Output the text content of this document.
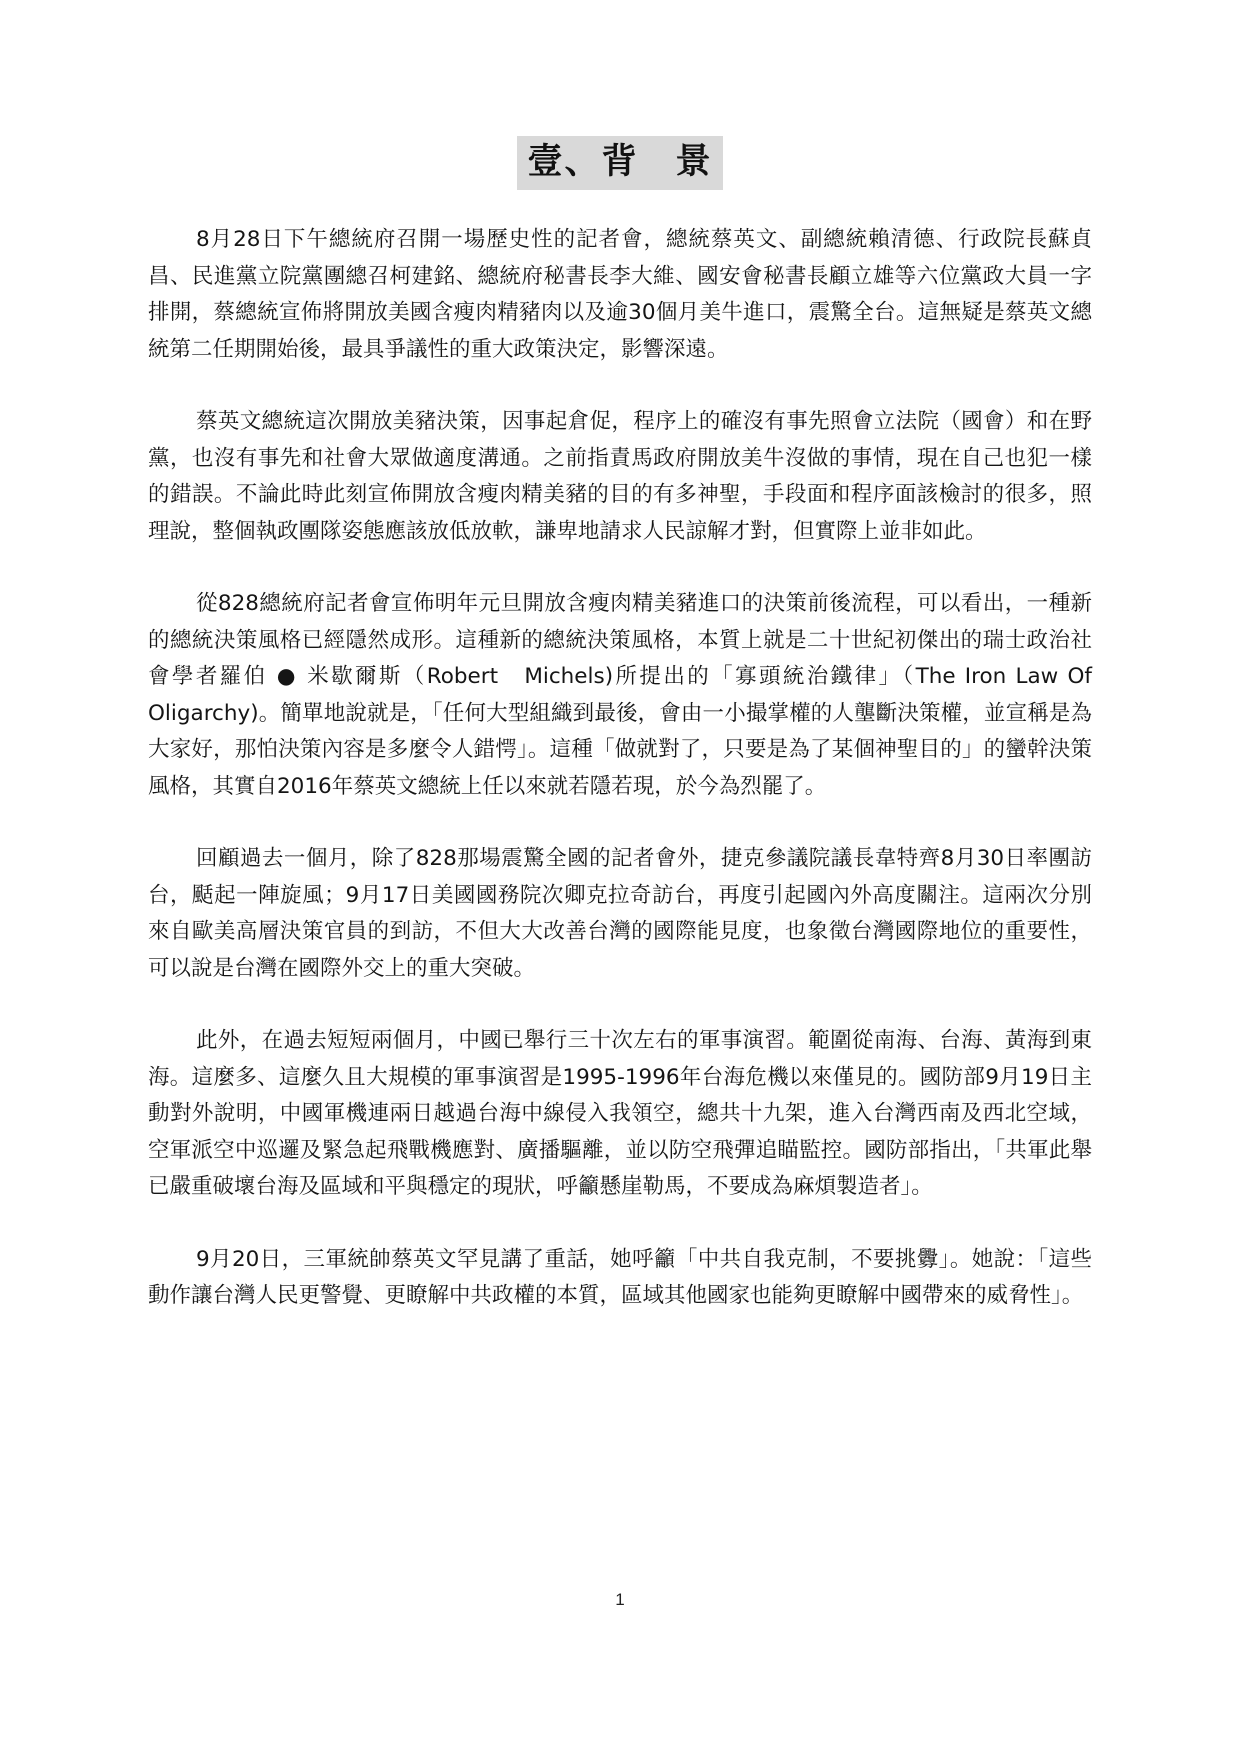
壹、背　景

8月28日下午總統府召開一場歷史性的記者會，總統蔡英文、副總統賴清德、行政院長蘇貞昌、民進黨立院黨團總召柯建銘、總統府秘書長李大維、國安會秘書長顧立雄等六位黨政大員一字排開，蔡總統宣佈將開放美國含瘦肉精豬肉以及逾30個月美牛進口，震驚全台。這無疑是蔡英文總統第二任期開始後，最具爭議性的重大政策決定，影響深遠。

蔡英文總統這次開放美豬決策，因事起倉促，程序上的確沒有事先照會立法院（國會）和在野黨，也沒有事先和社會大眾做適度溝通。之前指責馬政府開放美牛沒做的事情，現在自己也犯一樣的錯誤。不論此時此刻宣佈開放含瘦肉精美豬的目的有多神聖，手段面和程序面該檢討的很多，照理說，整個執政團隊姿態應該放低放軟，謙卑地請求人民諒解才對，但實際上並非如此。

從828總統府記者會宣佈明年元旦開放含瘦肉精美豬進口的決策前後流程，可以看出，一種新的總統決策風格已經隱然成形。這種新的總統決策風格，本質上就是二十世紀初傑出的瑞士政治社會學者羅伯 ● 米歇爾斯（Robert　Michels)所提出的「寡頭統治鐵律」（The Iron Law Of Oligarchy)。簡單地說就是，「任何大型組織到最後，會由一小撮掌權的人壟斷決策權，並宣稱是為大家好，那怕決策內容是多麼令人錯愕」。這種「做就對了，只要是為了某個神聖目的」的蠻幹決策風格，其實自2016年蔡英文總統上任以來就若隱若現，於今為烈罷了。

回顧過去一個月，除了828那場震驚全國的記者會外，捷克參議院議長韋特齊8月30日率團訪台，颳起一陣旋風；9月17日美國國務院次卿克拉奇訪台，再度引起國內外高度關注。這兩次分別來自歐美高層決策官員的到訪，不但大大改善台灣的國際能見度，也象徵台灣國際地位的重要性，可以說是台灣在國際外交上的重大突破。

此外，在過去短短兩個月，中國已舉行三十次左右的軍事演習。範圍從南海、台海、黃海到東海。這麼多、這麼久且大規模的軍事演習是1995-1996年台海危機以來僅見的。國防部9月19日主動對外說明，中國軍機連兩日越過台海中線侵入我領空，總共十九架，進入台灣西南及西北空域，空軍派空中巡邏及緊急起飛戰機應對、廣播驅離，並以防空飛彈追瞄監控。國防部指出，「共軍此舉已嚴重破壞台海及區域和平與穩定的現狀，呼籲懸崖勒馬，不要成為麻煩製造者」。

9月20日，三軍統帥蔡英文罕見講了重話，她呼籲「中共自我克制，不要挑釁」。她說：「這些動作讓台灣人民更警覺、更瞭解中共政權的本質，區域其他國家也能夠更瞭解中國帶來的威脅性」。

1
